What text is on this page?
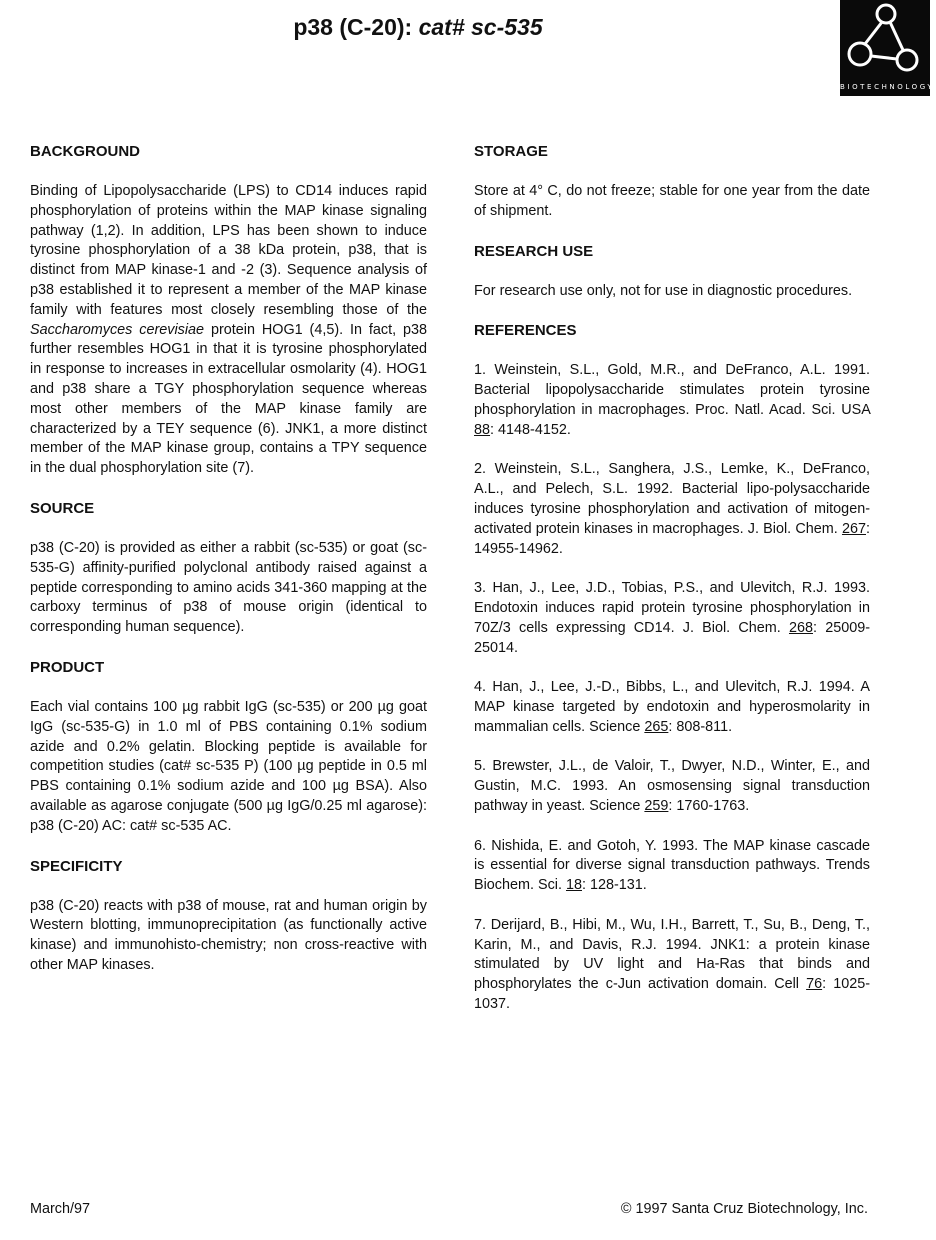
p38 (C-20): cat# sc-535
BIOTECHNOLOGY
BACKGROUND

Binding of Lipopolysaccharide (LPS) to CD14 induces rapid phosphorylation of proteins within the MAP kinase signaling pathway (1,2). In addition, LPS has been shown to induce tyrosine phosphorylation of a 38 kDa protein, p38, that is distinct from MAP kinase-1 and -2 (3). Sequence analysis of p38 established it to represent a member of the MAP kinase family with features most closely resembling those of the Saccharomyces cerevisiae protein HOG1 (4,5). In fact, p38 further resembles HOG1 in that it is tyrosine phosphorylated in response to increases in extracellular osmolarity (4). HOG1 and p38 share a TGY phosphorylation sequence whereas most other members of the MAP kinase family are characterized by a TEY sequence (6). JNK1, a more distinct member of the MAP kinase group, contains a TPY sequence in the dual phosphorylation site (7).

SOURCE

p38 (C-20) is provided as either a rabbit (sc-535) or goat (sc-535-G) affinity-purified polyclonal antibody raised against a peptide corresponding to amino acids 341-360 mapping at the carboxy terminus of p38 of mouse origin (identical to corresponding human sequence).

PRODUCT

Each vial contains 100 µg rabbit IgG (sc-535) or 200 µg goat IgG (sc-535-G) in 1.0 ml of PBS containing 0.1% sodium azide and 0.2% gelatin. Blocking peptide is available for competition studies (cat# sc-535 P) (100 µg peptide in 0.5 ml PBS containing 0.1% sodium azide and 100 µg BSA). Also available as agarose conjugate (500 µg IgG/0.25 ml agarose): p38 (C-20) AC: cat# sc-535 AC.

SPECIFICITY

p38 (C-20) reacts with p38 of mouse, rat and human origin by Western blotting, immunoprecipitation (as functionally active kinase) and immunohisto-chemistry; non cross-reactive with other MAP kinases.

STORAGE

Store at 4° C, do not freeze; stable for one year from the date of shipment.

RESEARCH USE

For research use only, not for use in diagnostic procedures.

REFERENCES

1. Weinstein, S.L., Gold, M.R., and DeFranco, A.L. 1991. Bacterial lipopolysaccharide stimulates protein tyrosine phosphorylation in macrophages. Proc. Natl. Acad. Sci. USA 88: 4148-4152.

2. Weinstein, S.L., Sanghera, J.S., Lemke, K., DeFranco, A.L., and Pelech, S.L. 1992. Bacterial lipo-polysaccharide induces tyrosine phosphorylation and activation of mitogen-activated protein kinases in macrophages. J. Biol. Chem. 267: 14955-14962.

3. Han, J., Lee, J.D., Tobias, P.S., and Ulevitch, R.J. 1993. Endotoxin induces rapid protein tyrosine phosphorylation in 70Z/3 cells expressing CD14. J. Biol. Chem. 268: 25009-25014.

4. Han, J., Lee, J.-D., Bibbs, L., and Ulevitch, R.J. 1994. A MAP kinase targeted by endotoxin and hyperosmolarity in mammalian cells. Science 265: 808-811.

5. Brewster, J.L., de Valoir, T., Dwyer, N.D., Winter, E., and Gustin, M.C. 1993. An osmosensing signal transduction pathway in yeast. Science 259: 1760-1763.

6. Nishida, E. and Gotoh, Y. 1993. The MAP kinase cascade is essential for diverse signal transduction pathways. Trends Biochem. Sci. 18: 128-131.

7. Derijard, B., Hibi, M., Wu, I.H., Barrett, T., Su, B., Deng, T., Karin, M., and Davis, R.J. 1994. JNK1: a protein kinase stimulated by UV light and Ha-Ras that binds and phosphorylates the c-Jun activation domain. Cell 76: 1025-1037.

March/97	© 1997 Santa Cruz Biotechnology, Inc.
